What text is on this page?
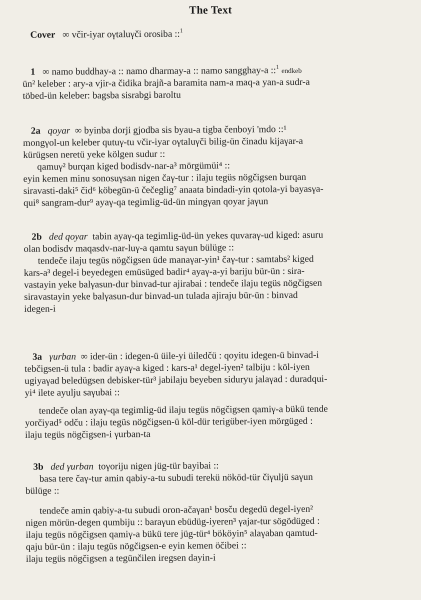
The Text
Cover ∞ včir-iyar oγtaluγči orosiba ::$^1$
1 ∞ namo buddhay-a :: namo dharmay-a :: namo sangghay-a ::$^1$ endkeb
ün² keleber : ary-a vjir-a čidika brajñ-a baramita nam-a maq-a yan-a sudr-a
töbed-ün keleber: bagsba sisrabgi baroltu
2a qoyar ∞ byinba dorji gjodba sis byau-a tigba čenboyi 'mdo ::¹
mongγol-un keleber qutuγ-tu včir-iyar oγtaluγči bilig-ün činadu kijaγar-a
kürügsen neretü yeke kölgen sudur ::
qamuγ² burqan kiged bodisdv-nar-a³ mörgümüi⁴ ::
eyin kemen minu sonosuγsan nigen čaγ-tur : ilaju tegüs nögčigsen burqan
siravasti-daki⁵ čid⁶ köbegün-ü čečeglig⁷ anaata bindadi-yin qotola-yi bayasγa-
qui⁸ sangram-dur⁹ ayaγ-qa tegimlig-üd-ün mingγan qoyar jaγun
2b ded qoyar tabin ayaγ-qa tegimlig-üd-ün yekes quvaraγ-ud kiged: asuru
olan bodisdv maqasdv-nar-luγ-a qamtu saγun bülüge ::
tendeče ilaju tegüs nögčigsen üde manaγar-yin¹ čaγ-tur : samtabs² kiged
kars-a³ degel-i beyedegen emüsüged badir⁴ ayaγ-a-yi bariju bür-ün : sira-
vastayin yeke balγasun-dur binvad-tur ajirabai : tendeče ilaju tegüs nögčigsen
siravastayin yeke balγasun-dur binvad-un tulada ajiraju bür-ün : binvad
idegen-i
3a γurban ∞ ider-ün : idegen-ü üile-yi üiledčü : qoyitu idegen-ü binvad-i
tebčigsen-ü tula : badir ayaγ-a kiged : kars-a¹ degel-iyen² talbiju : köl-iyen
ugiyaγad beledügsen debisker-tür³ jabilaju beyeben siduryu jalaγad : duradqui-
yi⁴ ilete ayulju saγubai ::
tendeče olan ayaγ-qa tegimlig-üd ilaju tegüs nögčigsen qamiγ-a bükü tende
yorčiyad⁵ odču : ilaju tegüs nögčigsen-ü köl-dür terigüber-iyen mörgüged :
ilaju tegüs nögčigsen-i γurban-ta
3b ded γurban toγoriju nigen jüg-tür bayibai ::
basa tere čaγ-tur amin qabiy-a-tu subudi terekü nököd-tür čiγuljü saγun
bülüge ::
tendeče amin qabiy-a-tu subudi oron-ačaγan¹ bosču degedü degel-iyen²
nigen mörün-degen qumbiju :: baraγun ebüdüg-iyeren³ γajar-tur sögödüged :
ilaju tegüs nögčigsen qamiγ-a bükü tere jüg-tür⁴ bököyin⁵ alaγaban qamtud-
qaju bür-ün : ilaju tegüs nögčigsen-e eyin kemen öčibei ::
ilaju tegüs nögčigsen a tegünčilen iregsen dayin-i
